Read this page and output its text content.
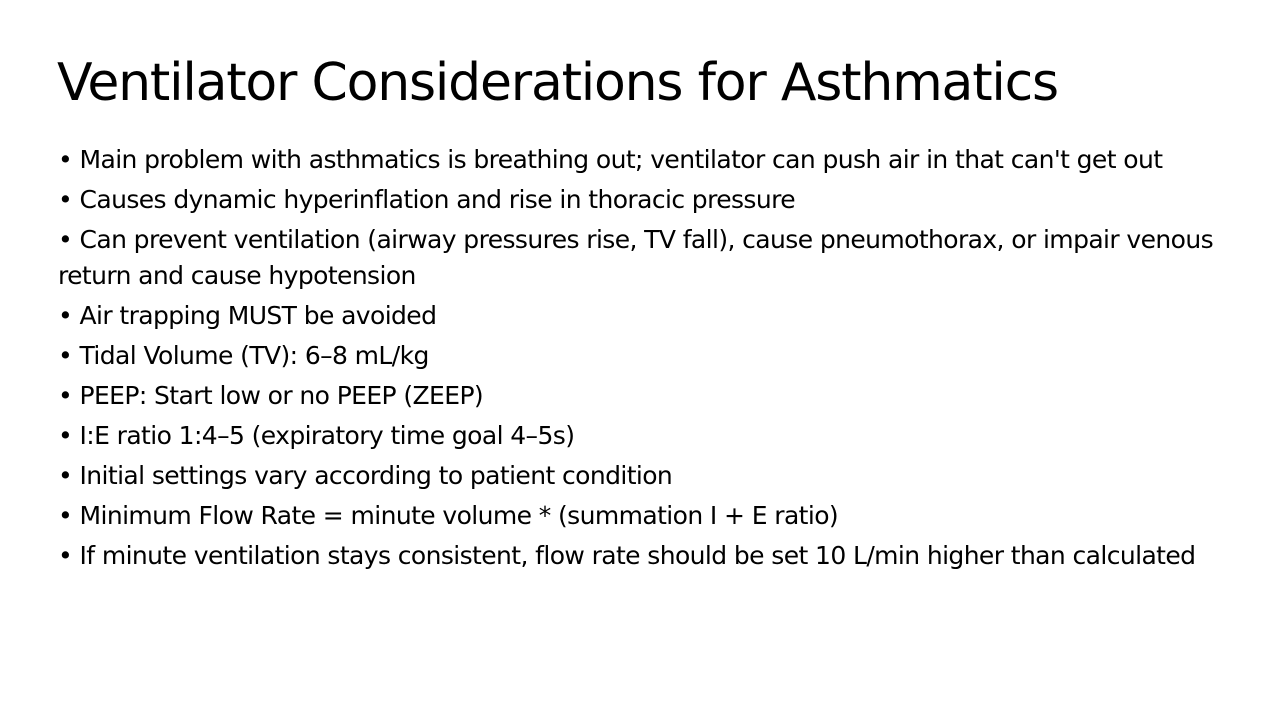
Ventilator Considerations for Asthmatics
• Main problem with asthmatics is breathing out; ventilator can push air in that can't get out
• Causes dynamic hyperinflation and rise in thoracic pressure
• Can prevent ventilation (airway pressures rise, TV fall), cause pneumothorax, or impair venous return and cause hypotension
• Air trapping MUST be avoided
• Tidal Volume (TV): 6–8 mL/kg
• PEEP: Start low or no PEEP (ZEEP)
• I:E ratio 1:4–5 (expiratory time goal 4–5s)
• Initial settings vary according to patient condition
• Minimum Flow Rate = minute volume * (summation I + E ratio)
• If minute ventilation stays consistent, flow rate should be set 10 L/min higher than calculated
